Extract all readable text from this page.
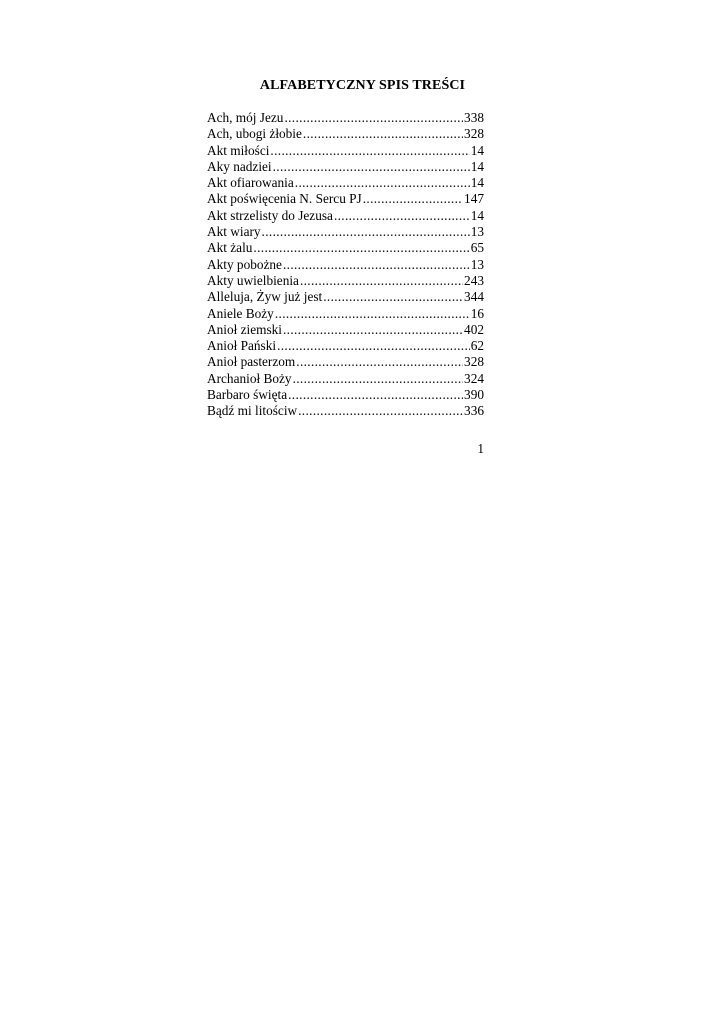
ALFABETYCZNY SPIS TREŚCI
Ach, mój Jezu .....	338
Ach, ubogi żłobie .....	328
Akt miłości .....	14
Aky nadziei .....	14
Akt ofiarowania .....	14
Akt poświęcenia N. Sercu PJ .....	147
Akt strzelisty do Jezusa .....	14
Akt wiary .....	13
Akt żalu .....	65
Akty pobożne .....	13
Akty uwielbienia .....	243
Alleluja, Żyw już jest .....	344
Aniele Boży .....	16
Anioł ziemski .....	402
Anioł Pański .....	62
Anioł pasterzom .....	328
Archanioł Boży .....	324
Barbaro święta .....	390
Bądź mi litościw .....	336
1
